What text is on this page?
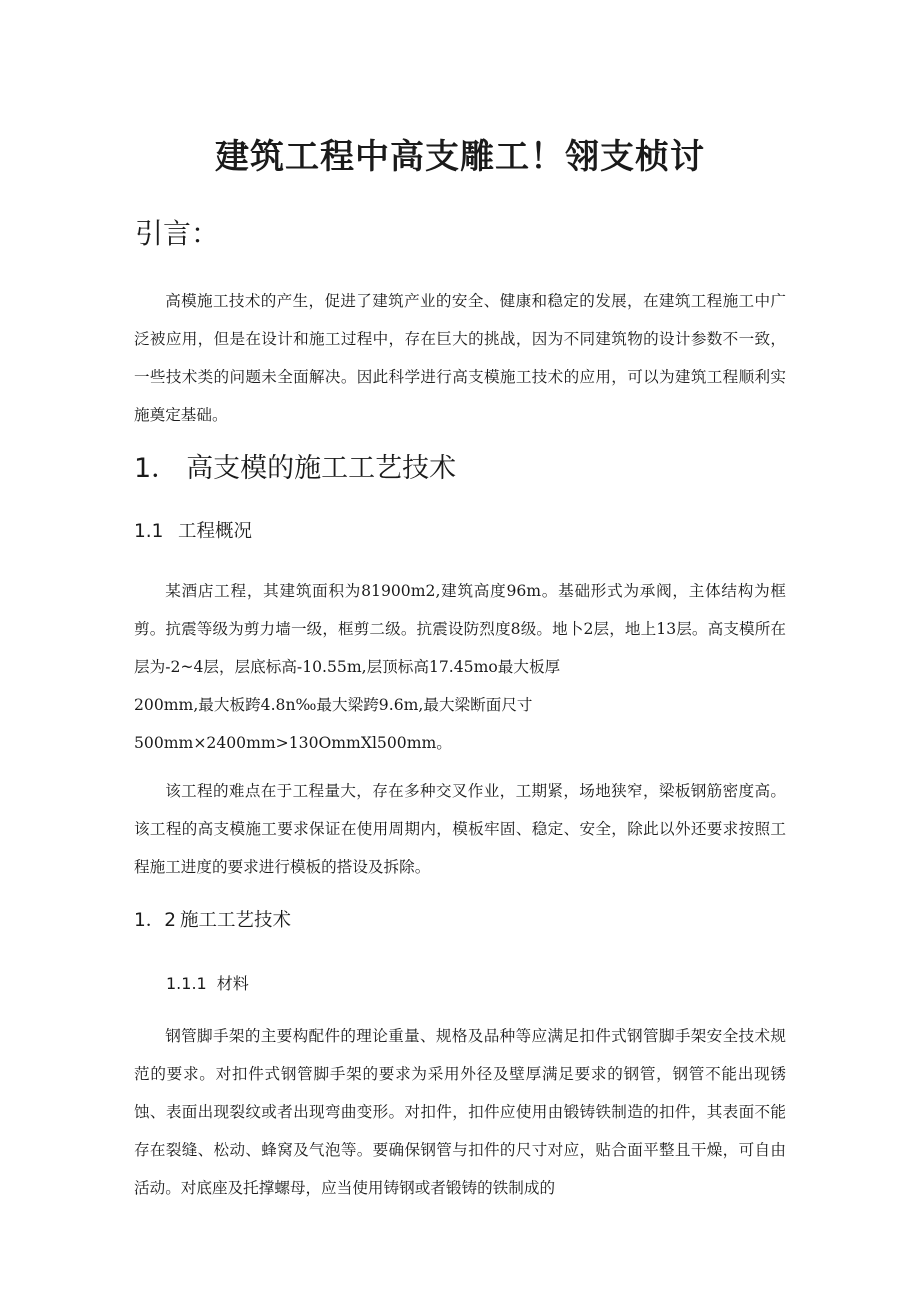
建筑工程中高支雕工！翎支桢讨
引言：

高模施工技术的产生，促进了建筑产业的安全、健康和稳定的发展，在建筑工程施工中广泛被应用，但是在设计和施工过程中，存在巨大的挑战，因为不同建筑物的设计参数不一致，一些技术类的问题未全面解决。因此科学进行高支模施工技术的应用，可以为建筑工程顺利实施奠定基础。

1． 高支模的施工工艺技术
1.1 工程概况

某酒店工程，其建筑面积为81900m2,建筑高度96m。基础形式为承阀，主体结构为框剪。抗震等级为剪力墙一级，框剪二级。抗震设防烈度8级。地卜2层，地上13层。高支模所在层为-2~4层，层底标高-10.55m,层顶标高17.45mo最大板厚

200mm,最大板跨4.8n‰最大梁跨9.6m,最大梁断面尺寸
500mm×2400mm>130OmmXl500mm。

该工程的难点在于工程量大，存在多种交叉作业，工期紧，场地狭窄，梁板钢筋密度高。该工程的高支模施工要求保证在使用周期内，模板牢固、稳定、安全，除此以外还要求按照工程施工进度的要求进行模板的搭设及拆除。

1．2 施工工艺技术
1.1.1 材料

钢管脚手架的主要构配件的理论重量、规格及品种等应满足扣件式钢管脚手架安全技术规范的要求。对扣件式钢管脚手架的要求为采用外径及壁厚满足要求的钢管，钢管不能出现锈蚀、表面出现裂纹或者出现弯曲变形。对扣件，扣件应使用由锻铸铁制造的扣件，其表面不能存在裂缝、松动、蜂窝及气泡等。要确保钢管与扣件的尺寸对应，贴合面平整且干燥，可自由活动。对底座及托撑螺母，应当使用铸钢或者锻铸的铁制成的
